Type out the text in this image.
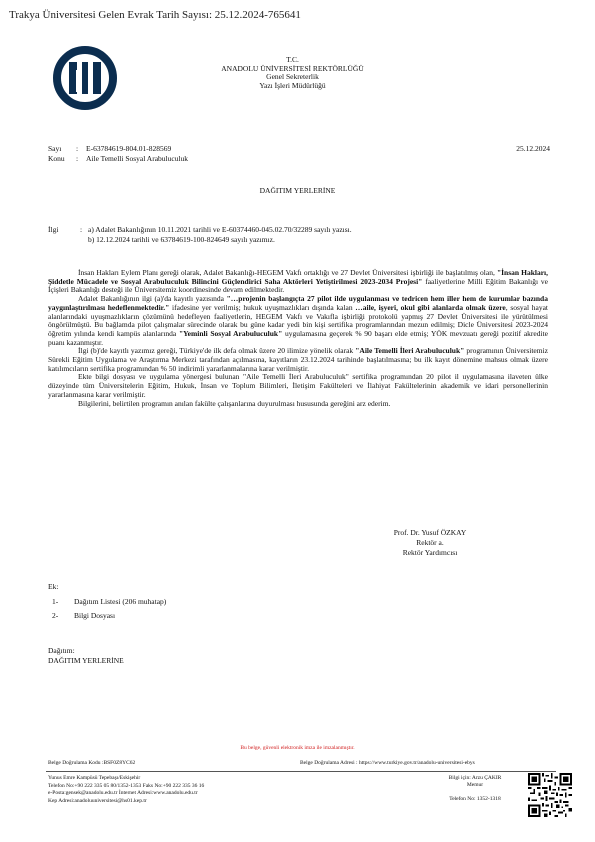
Trakya Üniversitesi Gelen Evrak Tarih Sayısı: 25.12.2024-765641
T.C.
ANADOLU ÜNİVERSİTESİ REKTÖRLÜĞÜ
Genel Sekreterlik
Yazı İşleri Müdürlüğü
Sayı : E-63784619-804.01-828569
Konu : Aile Temelli Sosyal Arabuluculuk
25.12.2024
DAĞITIM YERLERİNE
İlgi	: a) Adalet Bakanlığının 10.11.2021 tarihli ve E-60374460-045.02.70/32289 sayılı yazısı.
b) 12.12.2024 tarihli ve 63784619-100-824649 sayılı yazımız.

İnsan Hakları Eylem Planı gereği olarak, Adalet Bakanlığı-HEGEM Vakfı ortaklığı ve 27 Devlet Üniversitesi işbirliği ile başlatılmış olan, "İnsan Hakları, Şiddetle Mücadele ve Sosyal Arabuluculuk Bilincini Güçlendirici Saha Aktörleri Yetiştirilmesi 2023-2034 Projesi" faaliyetlerine Milli Eğitim Bakanlığı ve İçişleri Bakanlığı desteği ile Üniversitemiz koordinesinde devam edilmektedir.

Adalet Bakanlığının ilgi (a)'da kayıtlı yazısında "…projenin başlangıçta 27 pilot ilde uygulanması ve tedricen hem iller hem de kurumlar bazında yaygınlaştırılması hedeflenmektedir." ifadesine yer verilmiş; hukuk uyuşmazlıkları dışında kalan …aile, işyeri, okul gibi alanlarda olmak üzere, sosyal hayat alanlarındaki uyuşmazlıkların çözümünü hedefleyen faaliyetlerin, HEGEM Vakfı ve Vakıfla işbirliği protokolü yapmış 27 Devlet Üniversitesi ile yürütülmesi öngörülmüştü. Bu bağlamda pilot çalışmalar sürecinde olarak bu güne kadar yedi bin kişi sertifika programlarından mezun edilmiş; Dicle Üniversitesi 2023-2024 öğretim yılında kendi kampüs alanlarında "Yeminli Sosyal Arabuluculuk" uygulamasına geçerek % 90 başarı elde etmiş; YÖK mevzuatı gereği pozitif akredite puanı kazanmıştır.

İlgi (b)'de kayıtlı yazımız gereği, Türkiye'de ilk defa olmak üzere 20 ilimize yönelik olarak "Aile Temelli İleri Arabuluculuk" programının Üniversitemiz Sürekli Eğitim Uygulama ve Araştırma Merkezi tarafından açılmasına, kayıtların 23.12.2024 tarihinde başlatılmasına; bu ilk kayıt dönemine mahsus olmak üzere katılımcıların sertifika programından % 50 indirimli yararlanmalarına karar verilmiştir.

Ekte bilgi dosyası ve uygulama yönergesi bulunan "Aile Temelli İleri Arabuluculuk" sertifika programından 20 pilot il uygulamasına ilaveten ülke düzeyinde tüm Üniversitelerin Eğitim, Hukuk, İnsan ve Toplum Bilimleri, İletişim Fakülteleri ve İlahiyat Fakültelerinin akademik ve idari personellerinin yararlanmasına karar verilmiştir.

Bilgilerini, belirtilen programın anılan fakülte çalışanlarına duyurulması hususunda gereğini arz ederim.

Prof. Dr. Yusuf ÖZKAY
Rektör a.
Rektör Yardımcısı
Ek:
1- Dağıtım Listesi (206 muhatap)
2- Bilgi Dosyası
Dağıtım:
DAĞITIM YERLERİNE
Bu belge, güvenli elektronik imza ile imzalanmıştır.
Belge Doğrulama Kodu :BSF0Z8YC62	Belge Doğrulama Adresi : https://www.turkiye.gov.tr/anadolu-universitesi-ebys
Yunus Emre Kampüsü Tepebaşı/Eskişehir
Telefon No:+90 222 335 05 80/1352-1353 Faks No:+90 222 335 36 16
e-Posta:gensek@anadolu.edu.tr İnternet Adresi:www.anadolu.edu.tr
Kep Adresi:anadoluuniversitesi@hs01.kep.tr
Bilgi için: Arzu ÇAKIR
Memur
Telefon No: 1352-1318
